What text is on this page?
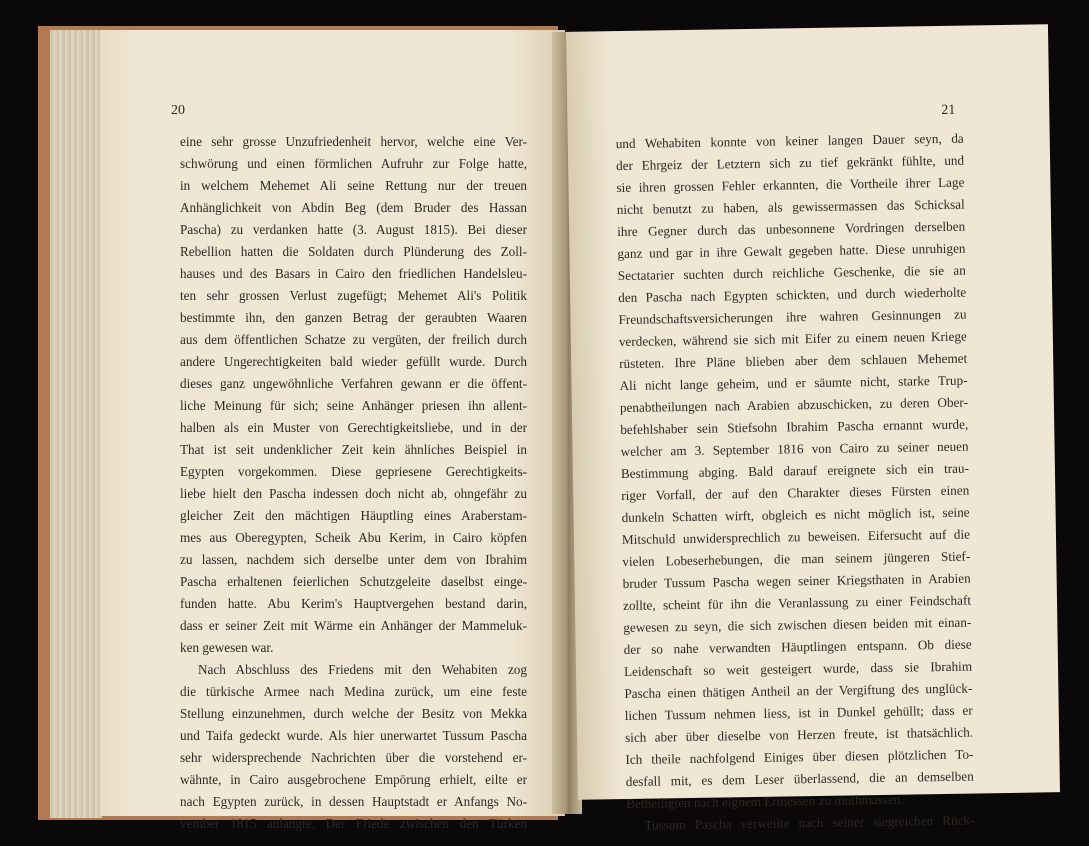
20
eine sehr grosse Unzufriedenheit hervor, welche eine Ver-
schwörung und einen förmlichen Aufruhr zur Folge hatte,
in welchem Mehemet Ali seine Rettung nur der treuen
Anhänglichkeit von Abdin Beg (dem Bruder des Hassan
Pascha) zu verdanken hatte (3. August 1815). Bei dieser
Rebellion hatten die Soldaten durch Plünderung des Zoll-
hauses und des Basars in Cairo den friedlichen Handelsleu-
ten sehr grossen Verlust zugefügt; Mehemet Ali's Politik
bestimmte ihn, den ganzen Betrag der geraubten Waaren
aus dem öffentlichen Schatze zu vergüten, der freilich durch
andere Ungerechtigkeiten bald wieder gefüllt wurde. Durch
dieses ganz ungewöhnliche Verfahren gewann er die öffent-
liche Meinung für sich; seine Anhänger priesen ihn allent-
halben als ein Muster von Gerechtigkeitsliebe, und in der
That ist seit undenklicher Zeit kein ähnliches Beispiel in
Egypten vorgekommen. Diese gepriesene Gerechtigkeits-
liebe hielt den Pascha indessen doch nicht ab, ohngefähr zu
gleicher Zeit den mächtigen Häuptling eines Araberstam-
mes aus Oberegypten, Scheik Abu Kerim, in Cairo köpfen
zu lassen, nachdem sich derselbe unter dem von Ibrahim
Pascha erhaltenen feierlichen Schutzgeleite daselbst einge-
funden hatte. Abu Kerim's Hauptvergehen bestand darin,
dass er seiner Zeit mit Wärme ein Anhänger der Mammeluk-
ken gewesen war.
Nach Abschluss des Friedens mit den Wehabiten zog
die türkische Armee nach Medina zurück, um eine feste
Stellung einzunehmen, durch welche der Besitz von Mekka
und Taifa gedeckt wurde. Als hier unerwartet Tussum Pascha
sehr widersprechende Nachrichten über die vorstehend er-
wähnte, in Cairo ausgebrochene Empörung erhielt, eilte er
nach Egypten zurück, in dessen Hauptstadt er Anfangs No-
vember 1815 anlangte. Der Friede zwischen den Türken
21
und Wehabiten konnte von keiner langen Dauer seyn, da
der Ehrgeiz der Letztern sich zu tief gekränkt fühlte, und
sie ihren grossen Fehler erkannten, die Vortheile ihrer Lage
nicht benutzt zu haben, als gewissermassen das Schicksal
ihre Gegner durch das unbesonnene Vordringen derselben
ganz und gar in ihre Gewalt gegeben hatte. Diese unruhigen
Sectatarier suchten durch reichliche Geschenke, die sie an
den Pascha nach Egypten schickten, und durch wiederholte
Freundschaftsversicherungen ihre wahren Gesinnungen zu
verdecken, während sie sich mit Eifer zu einem neuen Kriege
rüsteten. Ihre Pläne blieben aber dem schlauen Mehemet
Ali nicht lange geheim, und er säumte nicht, starke Trup-
penabtheilungen nach Arabien abzuschicken, zu deren Ober-
befehlshaber sein Stiefsohn Ibrahim Pascha ernannt wurde,
welcher am 3. September 1816 von Cairo zu seiner neuen
Bestimmung abging. Bald darauf ereignete sich ein trau-
riger Vorfall, der auf den Charakter dieses Fürsten einen
dunkeln Schatten wirft, obgleich es nicht möglich ist, seine
Mitschuld unwidersprechlich zu beweisen. Eifersucht auf die
vielen Lobeserhebungen, die man seinem jüngeren Stief-
bruder Tussum Pascha wegen seiner Kriegsthaten in Arabien
zollte, scheint für ihn die Veranlassung zu einer Feindschaft
gewesen zu seyn, die sich zwischen diesen beiden mit einan-
der so nahe verwandten Häuptlingen entspann. Ob diese
Leidenschaft so weit gesteigert wurde, dass sie Ibrahim
Pascha einen thätigen Antheil an der Vergiftung des unglück-
lichen Tussum nehmen liess, ist in Dunkel gehüllt; dass er
sich aber über dieselbe von Herzen freute, ist thatsächlich.
Ich theile nachfolgend Einiges über diesen plötzlichen To-
desfall mit, es dem Leser überlassend, die an demselben
Betheiligten nach eignem Ermessen zu muthmassen.
Tussum Pascha verweilte nach seiner siegreichen Rück-
